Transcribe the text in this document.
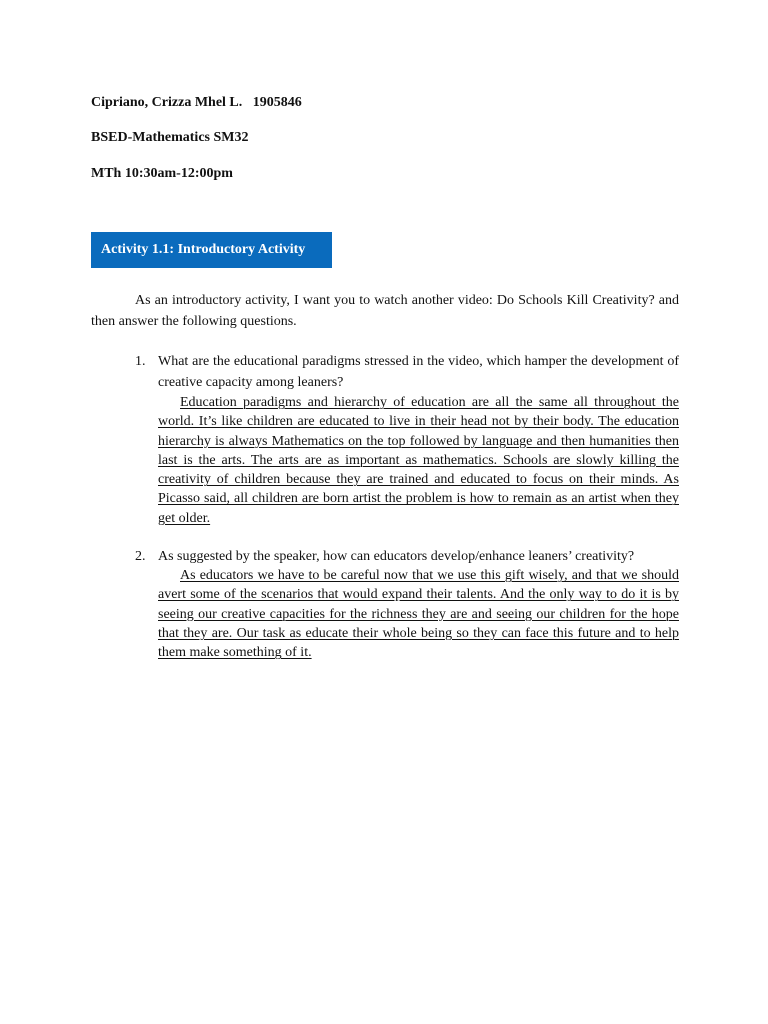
Cipriano, Crizza Mhel L.   1905846
BSED-Mathematics SM32
MTh 10:30am-12:00pm
Activity 1.1: Introductory Activity
As an introductory activity, I want you to watch another video: Do Schools Kill Creativity? and then answer the following questions.
1. What are the educational paradigms stressed in the video, which hamper the development of creative capacity among leaners?
Education paradigms and hierarchy of education are all the same all throughout the world. It’s like children are educated to live in their head not by their body. The education hierarchy is always Mathematics on the top followed by language and then humanities then last is the arts. The arts are as important as mathematics. Schools are slowly killing the creativity of children because they are trained and educated to focus on their minds. As Picasso said, all children are born artist the problem is how to remain as an artist when they get older.
2. As suggested by the speaker, how can educators develop/enhance leaners’ creativity?
As educators we have to be careful now that we use this gift wisely, and that we should avert some of the scenarios that would expand their talents. And the only way to do it is by seeing our creative capacities for the richness they are and seeing our children for the hope that they are. Our task as educate their whole being so they can face this future and to help them make something of it.
